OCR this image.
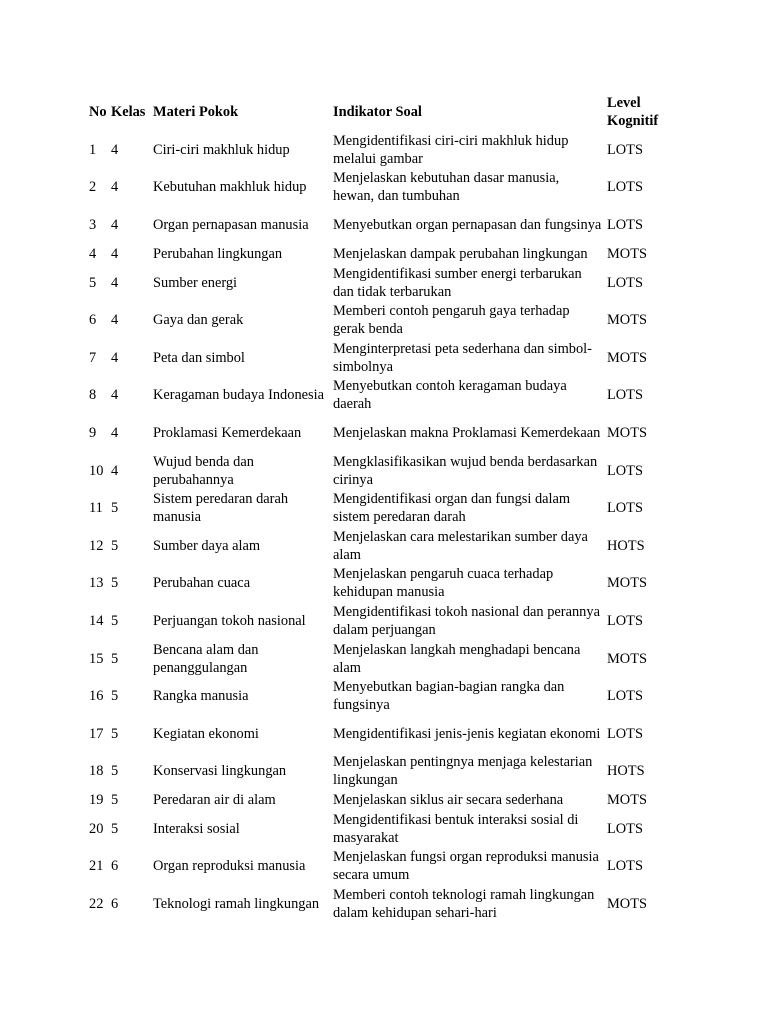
No	Kelas	Materi Pokok	Indikator Soal	Level
Kognitif
1	4	Ciri-ciri makhluk hidup	Mengidentifikasi ciri-ciri makhluk hidup melalui gambar	LOTS
2	4	Kebutuhan makhluk hidup	Menjelaskan kebutuhan dasar manusia, hewan, dan tumbuhan	LOTS
3	4	Organ pernapasan manusia	Menyebutkan organ pernapasan dan fungsinya	LOTS
4	4	Perubahan lingkungan	Menjelaskan dampak perubahan lingkungan	MOTS
5	4	Sumber energi	Mengidentifikasi sumber energi terbarukan dan tidak terbarukan	LOTS
6	4	Gaya dan gerak	Memberi contoh pengaruh gaya terhadap gerak benda	MOTS
7	4	Peta dan simbol	Menginterpretasi peta sederhana dan simbol-simbolnya	MOTS
8	4	Keragaman budaya Indonesia	Menyebutkan contoh keragaman budaya daerah	LOTS
9	4	Proklamasi Kemerdekaan	Menjelaskan makna Proklamasi Kemerdekaan	MOTS
10	4	Wujud benda dan perubahannya	Mengklasifikasikan wujud benda berdasarkan cirinya	LOTS
11	5	Sistem peredaran darah manusia	Mengidentifikasi organ dan fungsi dalam sistem peredaran darah	LOTS
12	5	Sumber daya alam	Menjelaskan cara melestarikan sumber daya alam	HOTS
13	5	Perubahan cuaca	Menjelaskan pengaruh cuaca terhadap kehidupan manusia	MOTS
14	5	Perjuangan tokoh nasional	Mengidentifikasi tokoh nasional dan perannya dalam perjuangan	LOTS
15	5	Bencana alam dan penanggulangan	Menjelaskan langkah menghadapi bencana alam	MOTS
16	5	Rangka manusia	Menyebutkan bagian-bagian rangka dan fungsinya	LOTS
17	5	Kegiatan ekonomi	Mengidentifikasi jenis-jenis kegiatan ekonomi	LOTS
18	5	Konservasi lingkungan	Menjelaskan pentingnya menjaga kelestarian lingkungan	HOTS
19	5	Peredaran air di alam	Menjelaskan siklus air secara sederhana	MOTS
20	5	Interaksi sosial	Mengidentifikasi bentuk interaksi sosial di masyarakat	LOTS
21	6	Organ reproduksi manusia	Menjelaskan fungsi organ reproduksi manusia secara umum	LOTS
22	6	Teknologi ramah lingkungan	Memberi contoh teknologi ramah lingkungan dalam kehidupan sehari-hari	MOTS
